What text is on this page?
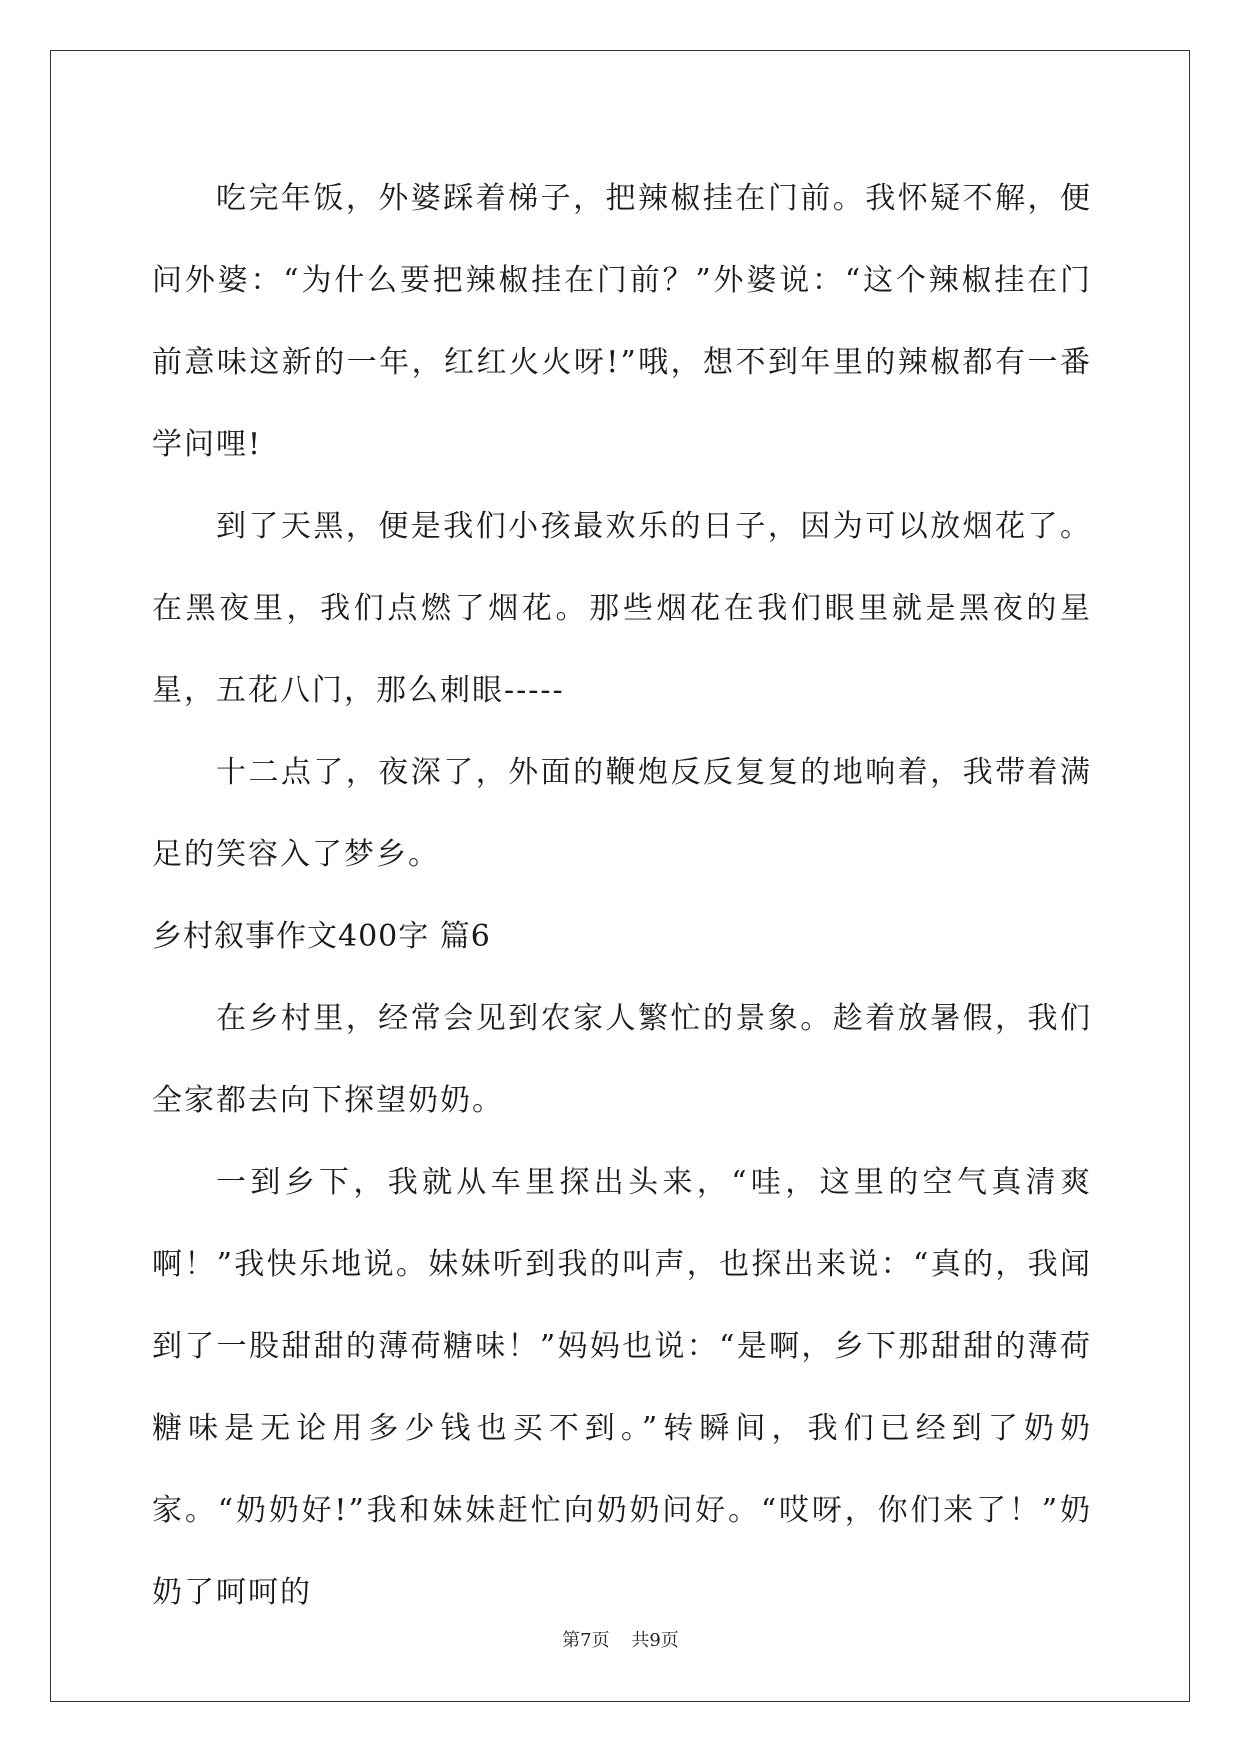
吃完年饭，外婆踩着梯子，把辣椒挂在门前。我怀疑不解，便问外婆：“为什么要把辣椒挂在门前？”外婆说：“这个辣椒挂在门前意味这新的一年，红红火火呀!”哦，想不到年里的辣椒都有一番学问哩!

到了天黑，便是我们小孩最欢乐的日子，因为可以放烟花了。在黑夜里，我们点燃了烟花。那些烟花在我们眼里就是黑夜的星星，五花八门，那么刺眼-----

十二点了，夜深了，外面的鞭炮反反复复的地响着，我带着满足的笑容入了梦乡。

乡村叙事作文400字 篇6

在乡村里，经常会见到农家人繁忙的景象。趁着放暑假，我们全家都去向下探望奶奶。

一到乡下，我就从车里探出头来，“哇，这里的空气真清爽啊！”我快乐地说。妹妹听到我的叫声，也探出来说：“真的，我闻到了一股甜甜的薄荷糖味！”妈妈也说：“是啊，乡下那甜甜的薄荷糖味是无论用多少钱也买不到。”转瞬间，我们已经到了奶奶家。“奶奶好!”我和妹妹赶忙向奶奶问好。“哎呀，你们来了！”奶奶了呵呵的

第7页 共9页
